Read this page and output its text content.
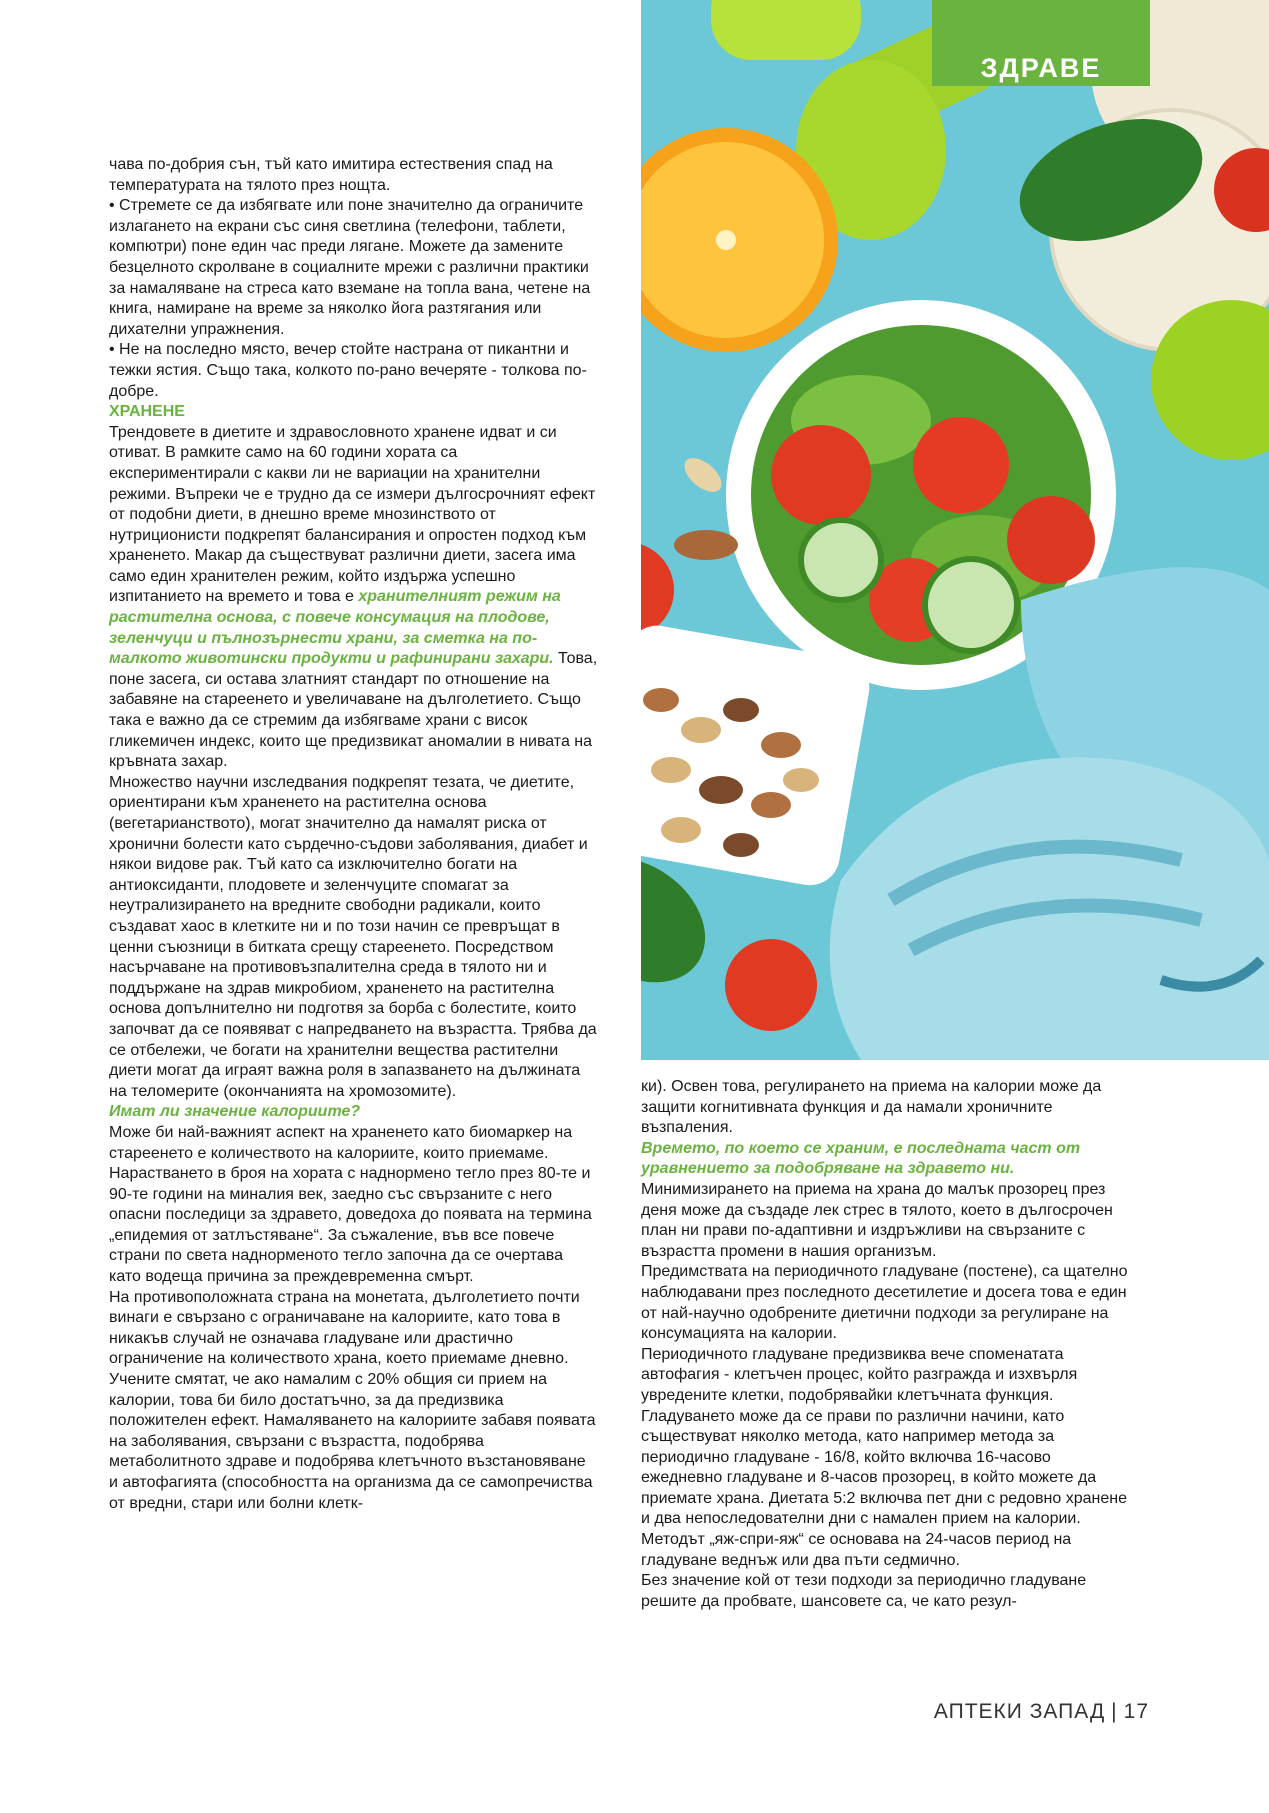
ЗДРАВЕ

чава по-добрия сън, тъй като имитира естествения спад на температурата на тялото през нощта.

• Стремете се да избягвате или поне значително да ограничите излагането на екрани със синя светлина (телефони, таблети, компютри) поне един час преди лягане. Можете да замените безцелното скролване в социалните мрежи с различни практики за намаляване на стреса като вземане на топла вана, четене на книга, намиране на време за няколко йога разтягания или дихателни упражнения.

• Не на последно място, вечер стойте настрана от пикантни и тежки ястия. Също така, колкото по-рано вечеряте - толкова по-добре.

ХРАНЕНЕ

Трендовете в диетите и здравословното хранене идват и си отиват. В рамките само на 60 години хората са експериментирали с какви ли не вариации на хранителни режими. Въпреки че е трудно да се измери дългосрочният ефект от подобни диети, в днешно време мнозинството от нутриционисти подкрепят балансирания и опростен подход към храненето. Макар да съществуват различни диети, засега има само един хранителен режим, който издържа успешно изпитанието на времето и това е хранителният режим на растителна основа, с повече консумация на плодове, зеленчуци и пълнозърнести храни, за сметка на по-малкото животински продукти и рафинирани захари. Това, поне засега, си остава златният стандарт по отношение на забавяне на стареенето и увеличаване на дълголетието. Също така е важно да се стремим да избягваме храни с висок гликемичен индекс, които ще предизвикат аномалии в нивата на кръвната захар.

Множество научни изследвания подкрепят тезата, че диетите, ориентирани към храненето на растителна основа (вегетарианството), могат значително да намалят риска от хронични болести като сърдечно-съдови заболявания, диабет и някои видове рак. Тъй като са изключително богати на антиоксиданти, плодовете и зеленчуците спомагат за неутрализирането на вредните свободни радикали, които създават хаос в клетките ни и по този начин се превръщат в ценни съюзници в битката срещу стареенето. Посредством насърчаване на противовъзпалителна среда в тялото ни и поддържане на здрав микробиом, храненето на растителна основа допълнително ни подготвя за борба с болестите, които започват да се появяват с напредването на възрастта. Трябва да се отбележи, че богати на хранителни вещества растителни диети могат да играят важна роля в запазването на дължината на теломерите (окончанията на хромозомите).

Имат ли значение калориите?

Може би най-важният аспект на храненето като биомаркер на стареенето е количеството на калориите, които приемаме. Нарастването в броя на хората с наднормено тегло през 80-те и 90-те години на миналия век, заедно със свързаните с него опасни последици за здравето, доведоха до появата на термина „епидемия от затлъстяване“. За съжаление, във все повече страни по света наднорменото тегло започна да се очертава като водеща причина за преждевременна смърт.

На противоположната страна на монетата, дълголетието почти винаги е свързано с ограничаване на калориите, като това в никакъв случай не означава гладуване или драстично ограничение на количеството храна, което приемаме дневно.

Учените смятат, че ако намалим с 20% общия си прием на калории, това би било достатъчно, за да предизвика положителен ефект. Намаляването на калориите забавя появата на заболявания, свързани с възрастта, подобрява метаболитното здраве и подобрява клетъчното възстановяване и автофагията (способността на организма да се самопречиства от вредни, стари или болни клетк-

ки). Освен това, регулирането на приема на калории може да защити когнитивната функция и да намали хроничните възпаления.

Времето, по което се храним, е последната част от уравнението за подобряване на здравето ни. Минимизирането на приема на храна до малък прозорец през деня може да създаде лек стрес в тялото, което в дългосрочен план ни прави по-адаптивни и издръжливи на свързаните с възрастта промени в нашия организъм.

Предимствата на периодичното гладуване (постене), са щателно наблюдавани през последното десетилетие и досега това е един от най-научно одобрените диетични подходи за регулиране на консумацията на калории.

Периодичното гладуване предизвиква вече споменатата автофагия - клетъчен процес, който разгражда и изхвърля увредените клетки, подобрявайки клетъчната функция.

Гладуването може да се прави по различни начини, като съществуват няколко метода, като например метода за периодично гладуване - 16/8, който включва 16-часово ежедневно гладуване и 8-часов прозорец, в който можете да приемате храна. Диетата 5:2 включва пет дни с редовно хранене и два непоследователни дни с намален прием на калории. Методът „яж-спри-яж“ се основава на 24-часов период на гладуване веднъж или два пъти седмично.

Без значение кой от тези подходи за периодично гладуване решите да пробвате, шансовете са, че като резул-

АПТЕКИ ЗАПАД | 17
